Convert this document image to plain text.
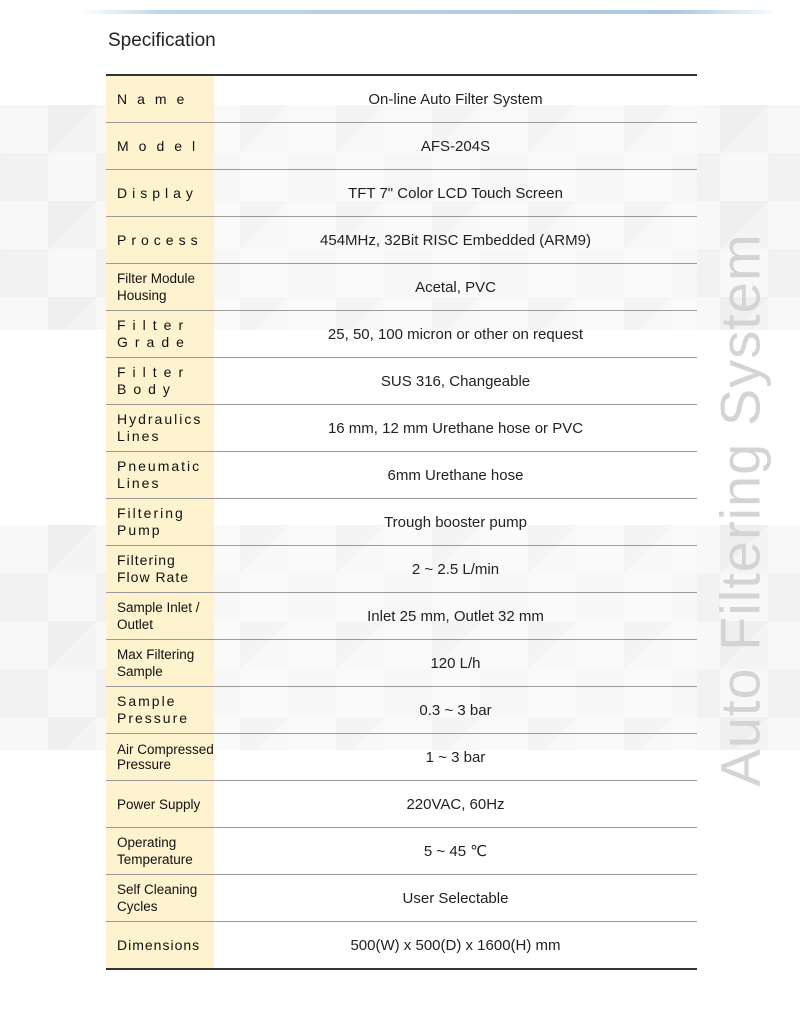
Specification
Auto Filtering System
Name	On-line Auto Filter System
Model	AFS-204S
Display	TFT 7" Color LCD Touch Screen
Process	454MHz, 32Bit RISC Embedded (ARM9)
Filter Module Housing	Acetal, PVC
Filter Grade	25, 50, 100 micron or other on request
Filter Body	SUS 316, Changeable
Hydraulics Lines	16 mm, 12 mm Urethane hose or PVC
Pneumatic Lines	6mm Urethane hose
Filtering Pump	Trough booster pump
Filtering Flow Rate	2 ~ 2.5 L/min
Sample Inlet / Outlet	Inlet 25 mm, Outlet 32 mm
Max Filtering Sample	120 L/h
Sample Pressure	0.3 ~ 3 bar
Air Compressed Pressure	1 ~ 3 bar
Power Supply	220VAC, 60Hz
Operating Temperature	5 ~ 45 ℃
Self Cleaning Cycles	User Selectable
Dimensions	500(W) x 500(D) x 1600(H) mm
